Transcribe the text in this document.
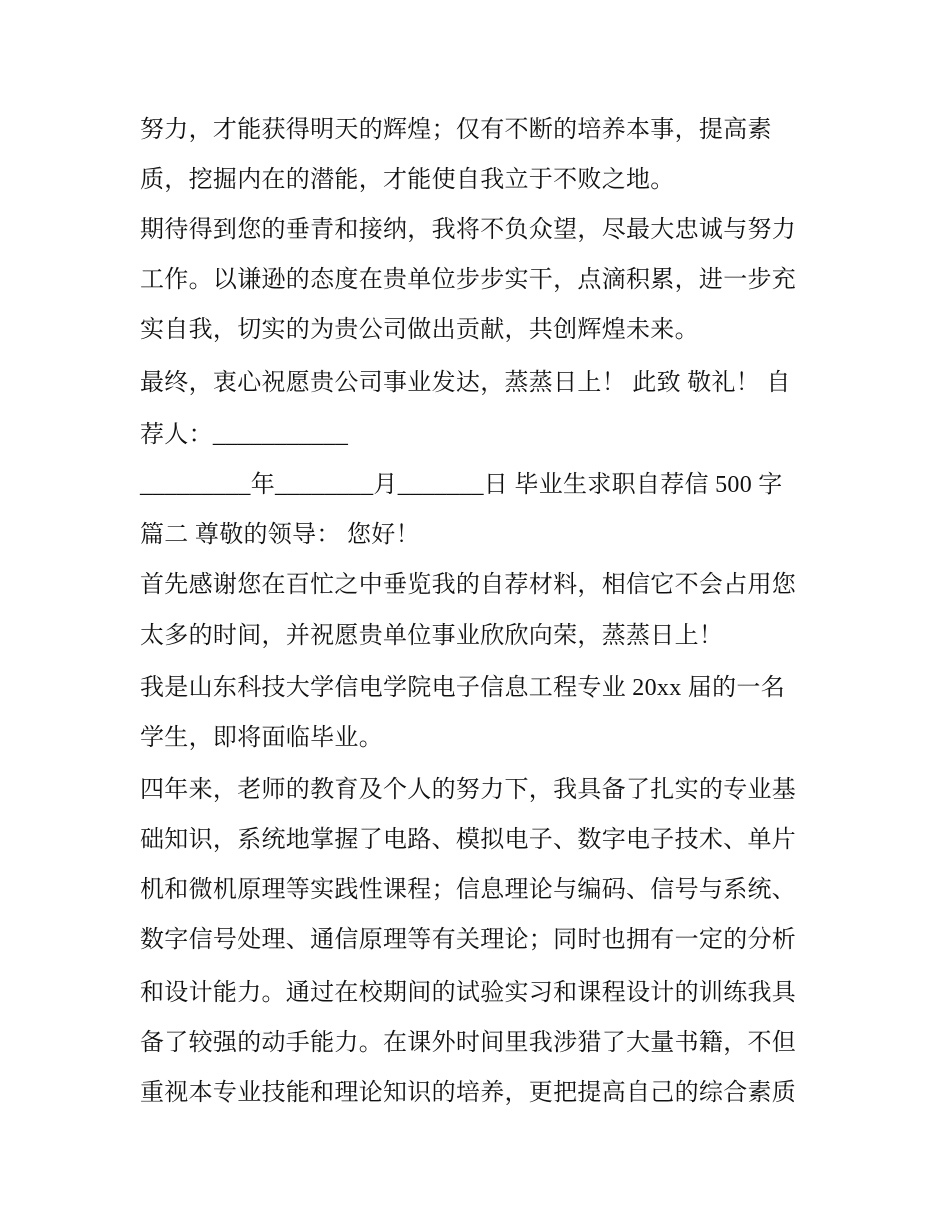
努力，才能获得明天的辉煌；仅有不断的培养本事，提高素
质，挖掘内在的潜能，才能使自我立于不败之地。
期待得到您的垂青和接纳，我将不负众望，尽最大忠诚与努力
工作。以谦逊的态度在贵单位步步实干，点滴积累，进一步充
实自我，切实的为贵公司做出贡献，共创辉煌未来。
最终，衷心祝愿贵公司事业发达，蒸蒸日上！ 此致 敬礼！ 自
荐人：___________
_________年________月_______日 毕业生求职自荐信 500 字
篇二 尊敬的领导： 您好！
首先感谢您在百忙之中垂览我的自荐材料，相信它不会占用您
太多的时间，并祝愿贵单位事业欣欣向荣，蒸蒸日上！
我是山东科技大学信电学院电子信息工程专业 20xx 届的一名
学生，即将面临毕业。
四年来，老师的教育及个人的努力下，我具备了扎实的专业基
础知识，系统地掌握了电路、模拟电子、数字电子技术、单片
机和微机原理等实践性课程；信息理论与编码、信号与系统、
数字信号处理、通信原理等有关理论；同时也拥有一定的分析
和设计能力。通过在校期间的试验实习和课程设计的训练我具
备了较强的动手能力。在课外时间里我涉猎了大量书籍，不但
重视本专业技能和理论知识的培养，更把提高自己的综合素质
